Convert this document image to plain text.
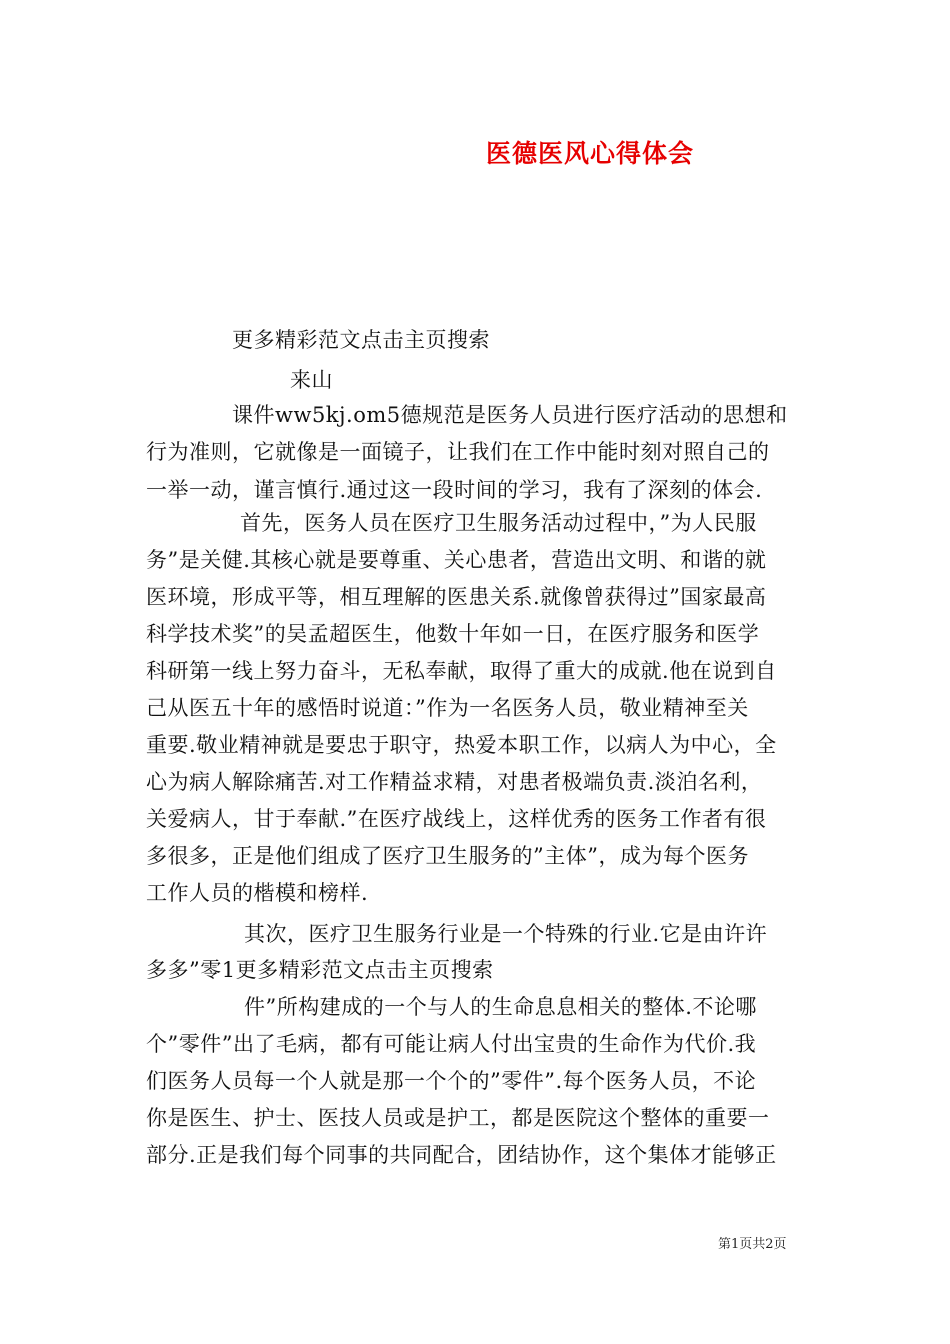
医德医风心得体会
更多精彩范文点击主页搜索
来山
课件ww5kj.om5德规范是医务人员进行医疗活动的思想和
行为准则，它就像是一面镜子，让我们在工作中能时刻对照自己的
一举一动，谨言慎行.通过这一段时间的学习，我有了深刻的体会.
首先，医务人员在医疗卫生服务活动过程中，”为人民服
务”是关健.其核心就是要尊重、关心患者，营造出文明、和谐的就
医环境，形成平等，相互理解的医患关系.就像曾获得过”国家最高
科学技术奖”的吴孟超医生，他数十年如一日，在医疗服务和医学
科研第一线上努力奋斗，无私奉献，取得了重大的成就.他在说到自
己从医五十年的感悟时说道：”作为一名医务人员，敬业精神至关
重要.敬业精神就是要忠于职守，热爱本职工作，以病人为中心，全
心为病人解除痛苦.对工作精益求精，对患者极端负责.淡泊名利，
关爱病人，甘于奉献.”在医疗战线上，这样优秀的医务工作者有很
多很多，正是他们组成了医疗卫生服务的”主体”，成为每个医务
工作人员的楷模和榜样.
其次，医疗卫生服务行业是一个特殊的行业.它是由许许
多多”零1更多精彩范文点击主页搜索
件”所构建成的一个与人的生命息息相关的整体.不论哪
个”零件”出了毛病，都有可能让病人付出宝贵的生命作为代价.我
们医务人员每一个人就是那一个个的”零件”.每个医务人员，不论
你是医生、护士、医技人员或是护工，都是医院这个整体的重要一
部分.正是我们每个同事的共同配合，团结协作，这个集体才能够正
第1页共2页
